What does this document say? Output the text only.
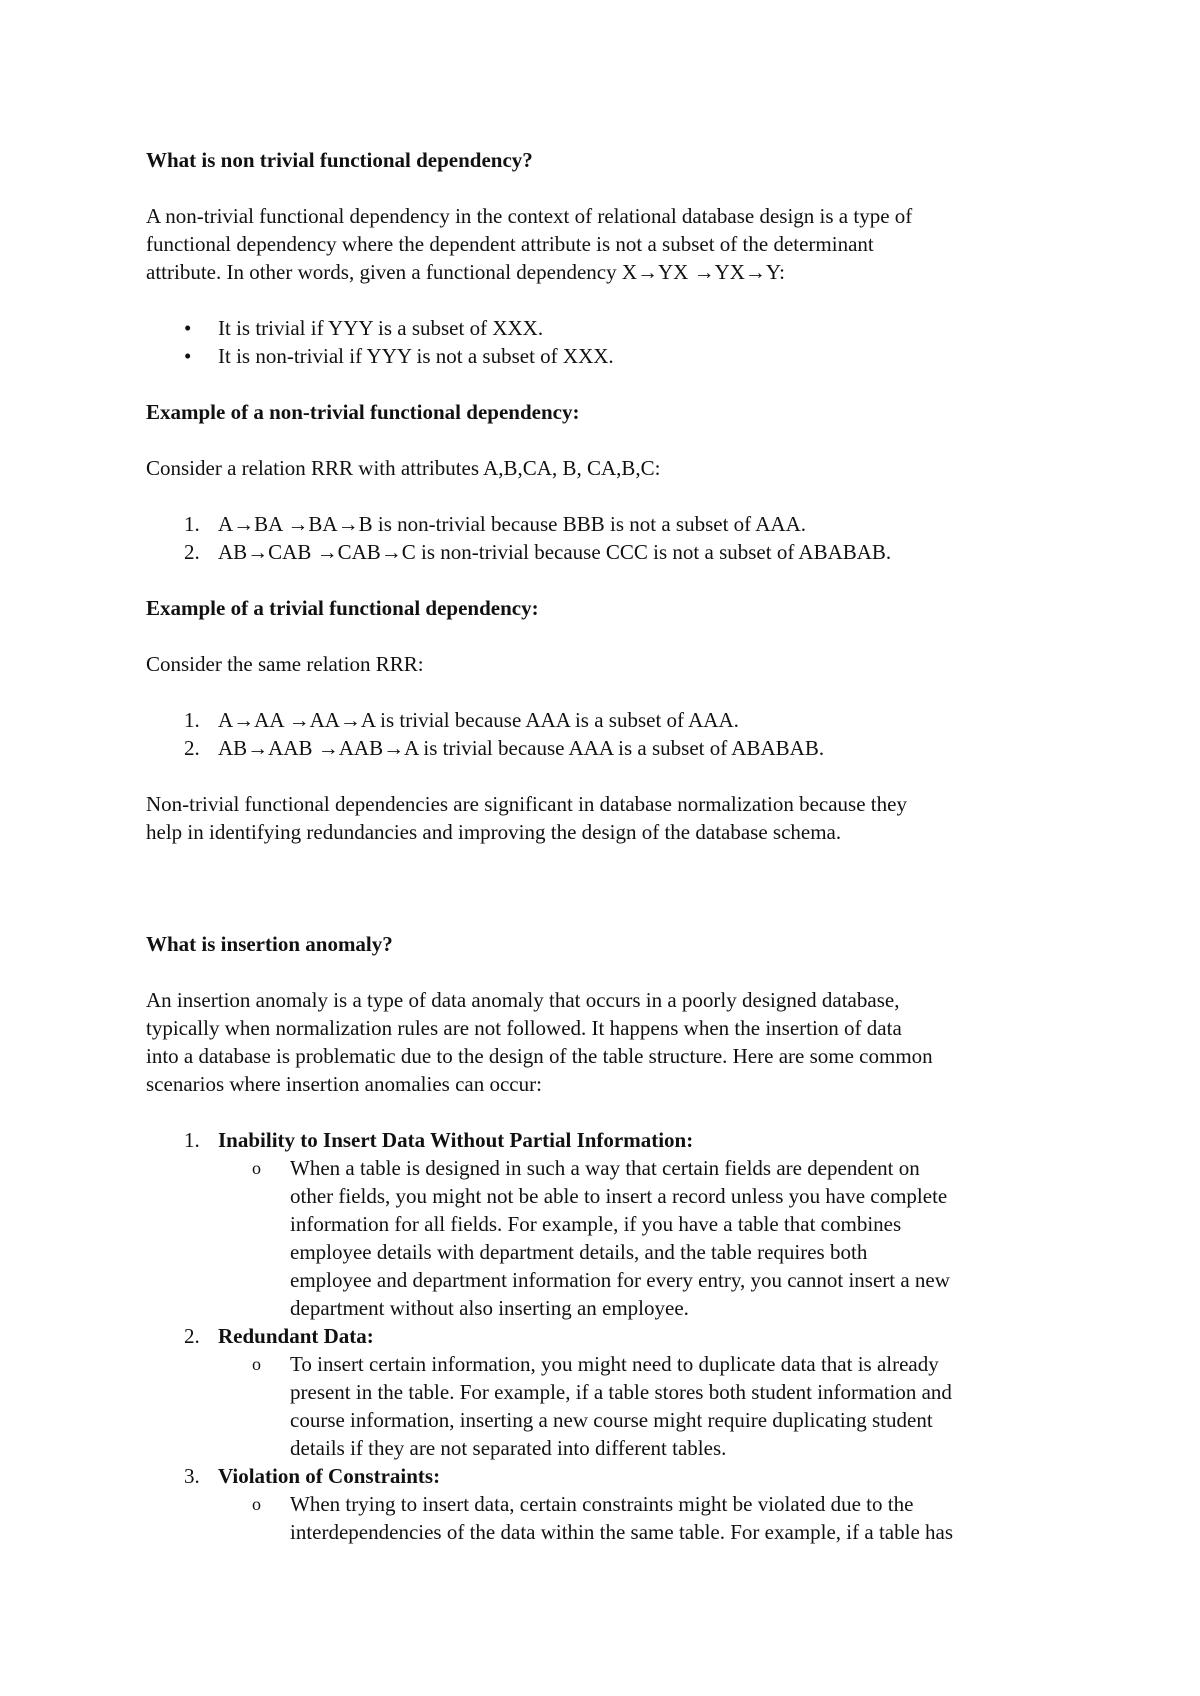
What is non trivial functional dependency?

A non-trivial functional dependency in the context of relational database design is a type of

functional dependency where the dependent attribute is not a subset of the determinant

attribute. In other words, given a functional dependency X→YX →YX→Y:

• It is trivial if YYY is a subset of XXX.
• It is non-trivial if YYY is not a subset of XXX.

Example of a non-trivial functional dependency:

Consider a relation RRR with attributes A,B,CA, B, CA,B,C:

1. A→BA →BA→B is non-trivial because BBB is not a subset of AAA.
2. AB→CAB →CAB→C is non-trivial because CCC is not a subset of ABABAB.

Example of a trivial functional dependency:

Consider the same relation RRR:

1. A→AA →AA→A is trivial because AAA is a subset of AAA.
2. AB→AAB →AAB→A is trivial because AAA is a subset of ABABAB.

Non-trivial functional dependencies are significant in database normalization because they

help in identifying redundancies and improving the design of the database schema.

What is insertion anomaly?

An insertion anomaly is a type of data anomaly that occurs in a poorly designed database,

typically when normalization rules are not followed. It happens when the insertion of data

into a database is problematic due to the design of the table structure. Here are some common

scenarios where insertion anomalies can occur:

1. Inability to Insert Data Without Partial Information:
o When a table is designed in such a way that certain fields are dependent on
other fields, you might not be able to insert a record unless you have complete
information for all fields. For example, if you have a table that combines
employee details with department details, and the table requires both
employee and department information for every entry, you cannot insert a new
department without also inserting an employee.
2. Redundant Data:
o To insert certain information, you might need to duplicate data that is already
present in the table. For example, if a table stores both student information and
course information, inserting a new course might require duplicating student
details if they are not separated into different tables.
3. Violation of Constraints:
o When trying to insert data, certain constraints might be violated due to the
interdependencies of the data within the same table. For example, if a table has
